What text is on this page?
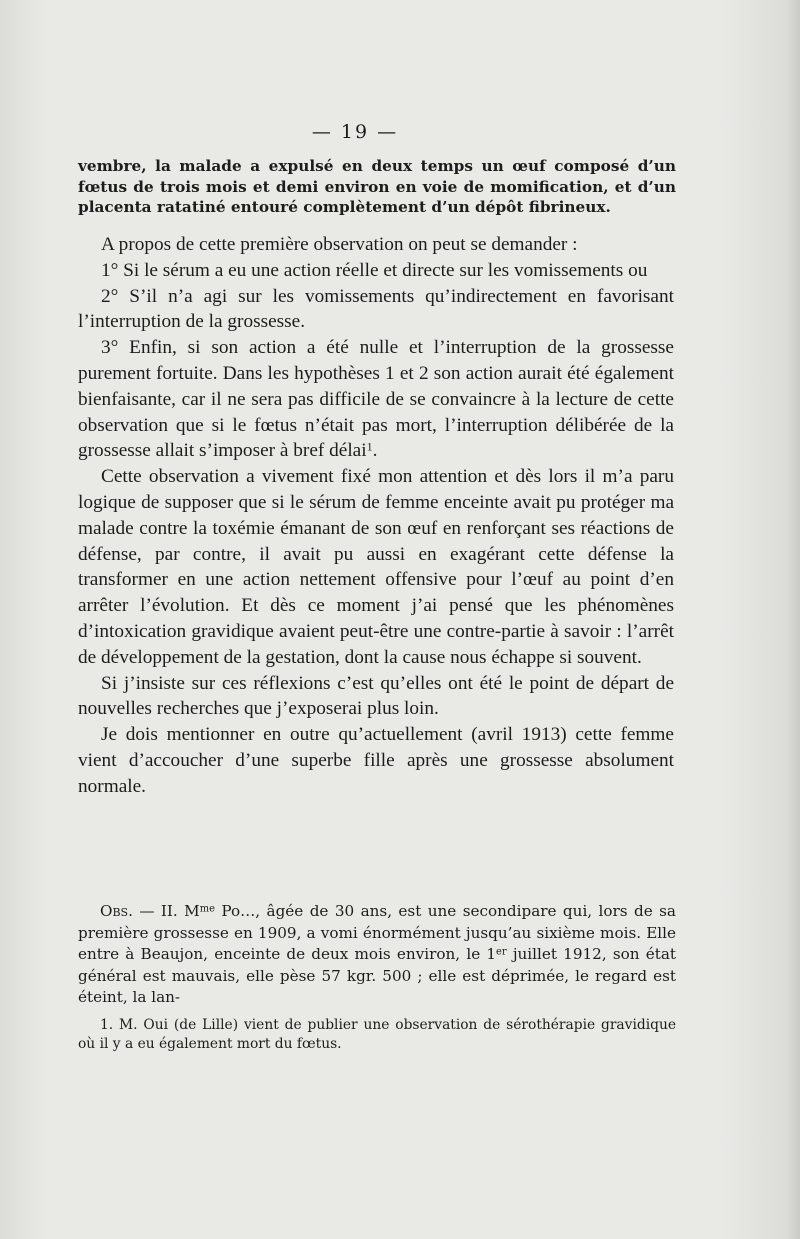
— 19 —

vembre, la malade a expulsé en deux temps un œuf composé d’un fœtus de trois mois et demi environ en voie de momification, et d’un placenta ratatiné entouré complètement d’un dépôt fibrineux.

A propos de cette première observation on peut se demander :

1° Si le sérum a eu une action réelle et directe sur les vomissements ou

2° S’il n’a agi sur les vomissements qu’indirectement en favorisant l’interruption de la grossesse.

3° Enfin, si son action a été nulle et l’interruption de la grossesse purement fortuite. Dans les hypothèses 1 et 2 son action aurait été également bienfaisante, car il ne sera pas difficile de se convaincre à la lecture de cette observation que si le fœtus n’était pas mort, l’interruption délibérée de la grossesse allait s’imposer à bref délai$^1$.

Cette observation a vivement fixé mon attention et dès lors il m’a paru logique de supposer que si le sérum de femme enceinte avait pu protéger ma malade contre la toxémie émanant de son œuf en renforçant ses réactions de défense, par contre, il avait pu aussi en exagérant cette défense la transformer en une action nettement offensive pour l’œuf au point d’en arrêter l’évolution. Et dès ce moment j’ai pensé que les phénomènes d’intoxication gravidique avaient peut-être une contre-partie à savoir : l’arrêt de développement de la gestation, dont la cause nous échappe si souvent.

Si j’insiste sur ces réflexions c’est qu’elles ont été le point de départ de nouvelles recherches que j’exposerai plus loin.

Je dois mentionner en outre qu’actuellement (avril 1913) cette femme vient d’accoucher d’une superbe fille après une grossesse absolument normale.

Obs. — II. $M^{me}$ Po…, âgée de 30 ans, est une secondipare qui, lors de sa première grossesse en 1909, a vomi énormément jusqu’au sixième mois. Elle entre à Beaujon, enceinte de deux mois environ, le 1er juillet 1912, son état général est mauvais, elle pèse 57 kgr. 500 ; elle est déprimée, le regard est éteint, la lan-

1. M. Oui (de Lille) vient de publier une observation de sérothérapie gravidique où il y a eu également mort du fœtus.
